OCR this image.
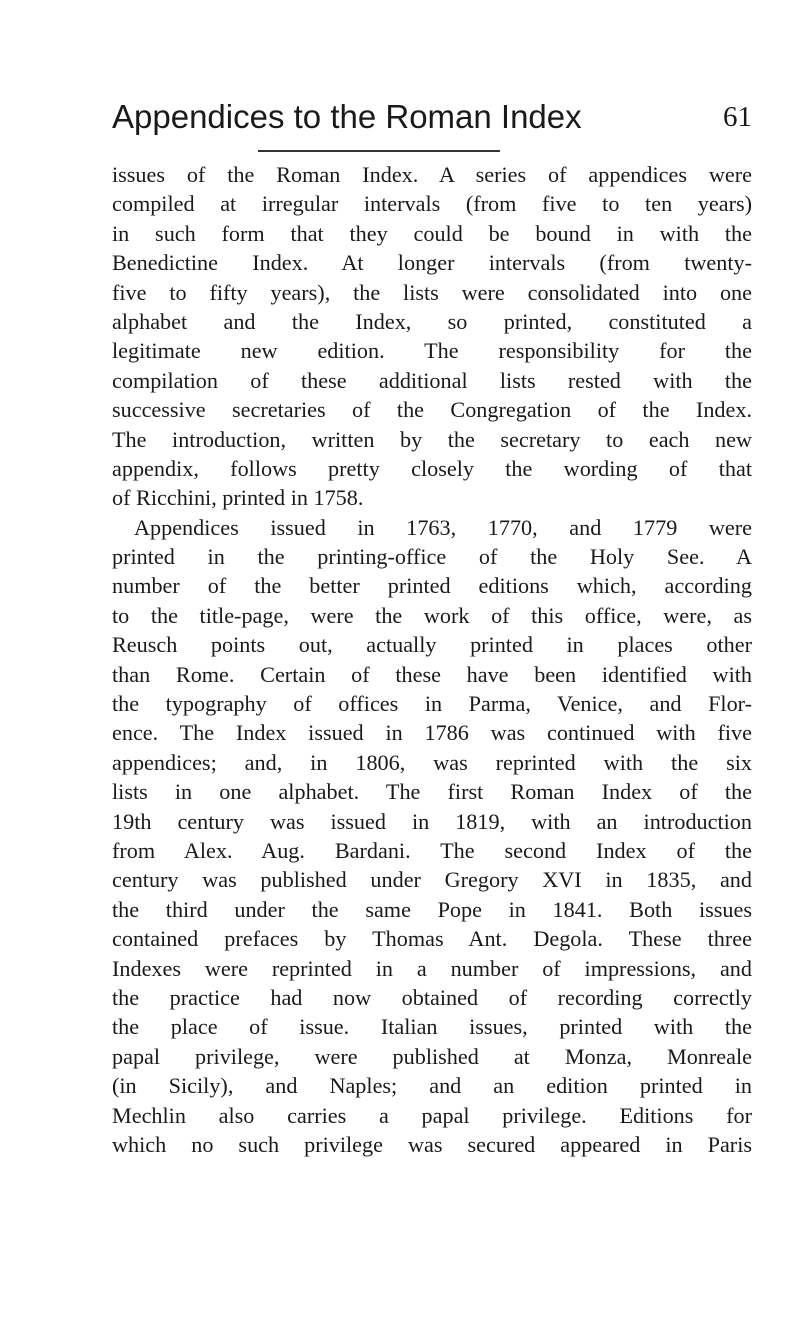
Appendices to the Roman Index	61
issues of the Roman Index. A series of appendices were
compiled at irregular intervals (from five to ten years)
in such form that they could be bound in with the
Benedictine Index. At longer intervals (from twenty-
five to fifty years), the lists were consolidated into one
alphabet and the Index, so printed, constituted a
legitimate new edition. The responsibility for the
compilation of these additional lists rested with the
successive secretaries of the Congregation of the Index.
The introduction, written by the secretary to each new
appendix, follows pretty closely the wording of that
of Ricchini, printed in 1758.
Appendices issued in 1763, 1770, and 1779 were
printed in the printing-office of the Holy See. A
number of the better printed editions which, according
to the title-page, were the work of this office, were, as
Reusch points out, actually printed in places other
than Rome. Certain of these have been identified with
the typography of offices in Parma, Venice, and Flor-
ence. The Index issued in 1786 was continued with five
appendices; and, in 1806, was reprinted with the six
lists in one alphabet. The first Roman Index of the
19th century was issued in 1819, with an introduction
from Alex. Aug. Bardani. The second Index of the
century was published under Gregory XVI in 1835, and
the third under the same Pope in 1841. Both issues
contained prefaces by Thomas Ant. Degola. These three
Indexes were reprinted in a number of impressions, and
the practice had now obtained of recording correctly
the place of issue. Italian issues, printed with the
papal privilege, were published at Monza, Monreale
(in Sicily), and Naples; and an edition printed in
Mechlin also carries a papal privilege. Editions for
which no such privilege was secured appeared in Paris
